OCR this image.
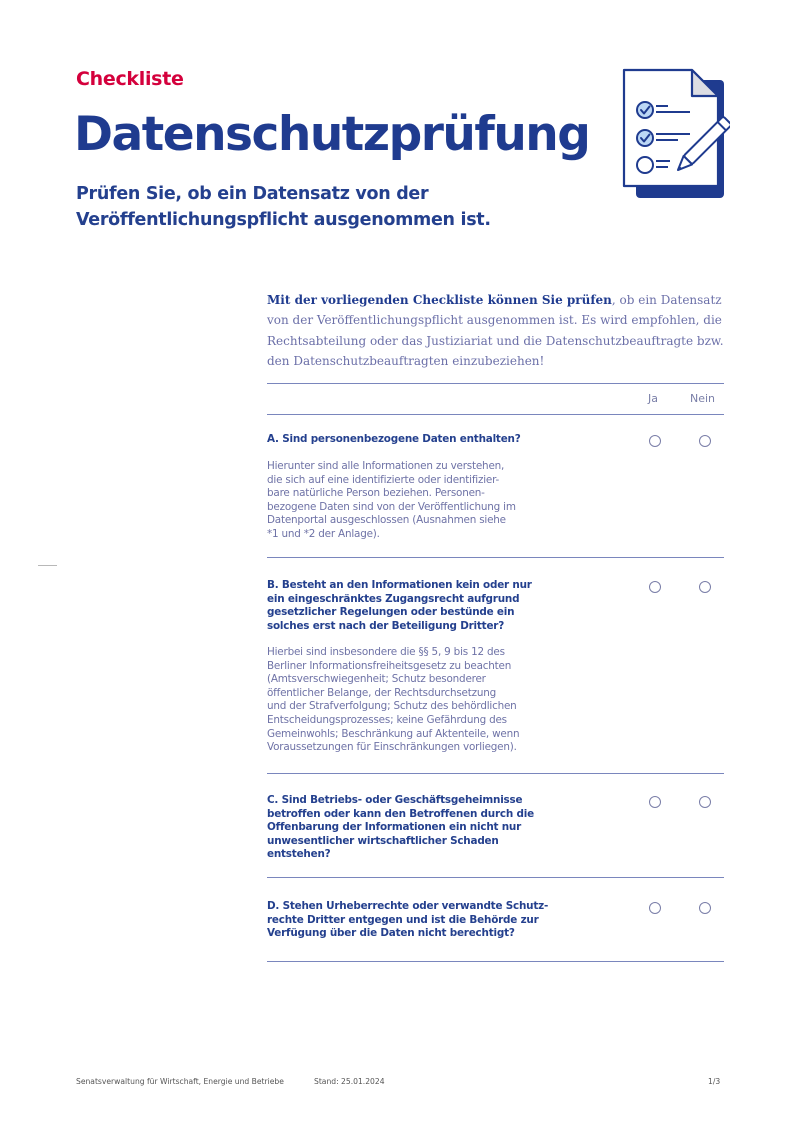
Checkliste
Datenschutzprüfung
Prüfen Sie, ob ein Datensatz von der
Veröffentlichungspflicht ausgenommen ist.
Mit der vorliegenden Checkliste können Sie prüfen, ob ein Datensatz von der Veröffentlichungspflicht ausgenommen ist. Es wird empfohlen, die Rechtsabteilung oder das Justiziariat und die Datenschutzbeauftragte bzw. den Datenschutzbeauftragten einzubeziehen!
Ja	Nein
A. Sind personenbezogene Daten enthalten?
Hierunter sind alle Informationen zu verstehen,
die sich auf eine identifizierte oder identifizier-
bare natürliche Person beziehen. Personen-
bezogene Daten sind von der Veröffentlichung im
Datenportal ausgeschlossen (Ausnahmen siehe
*1 und *2 der Anlage).
B. Besteht an den Informationen kein oder nur
ein eingeschränktes Zugangsrecht aufgrund
gesetzlicher Regelungen oder bestünde ein
solches erst nach der Beteiligung Dritter?
Hierbei sind insbesondere die §§ 5, 9 bis 12 des
Berliner Informationsfreiheitsgesetz zu beachten
(Amtsverschwiegenheit; Schutz besonderer
öffentlicher Belange, der Rechtsdurchsetzung
und der Strafverfolgung; Schutz des behördlichen
Entscheidungsprozesses; keine Gefährdung des
Gemeinwohls; Beschränkung auf Aktenteile, wenn
Voraussetzungen für Einschränkungen vorliegen).
C. Sind Betriebs- oder Geschäftsgeheimnisse
betroffen oder kann den Betroffenen durch die
Offenbarung der Informationen ein nicht nur
unwesentlicher wirtschaftlicher Schaden
entstehen?
D. Stehen Urheberrechte oder verwandte Schutz-
rechte Dritter entgegen und ist die Behörde zur
Verfügung über die Daten nicht berechtigt?
Senatsverwaltung für Wirtschaft, Energie und Betriebe	Stand: 25.01.2024	1/3
